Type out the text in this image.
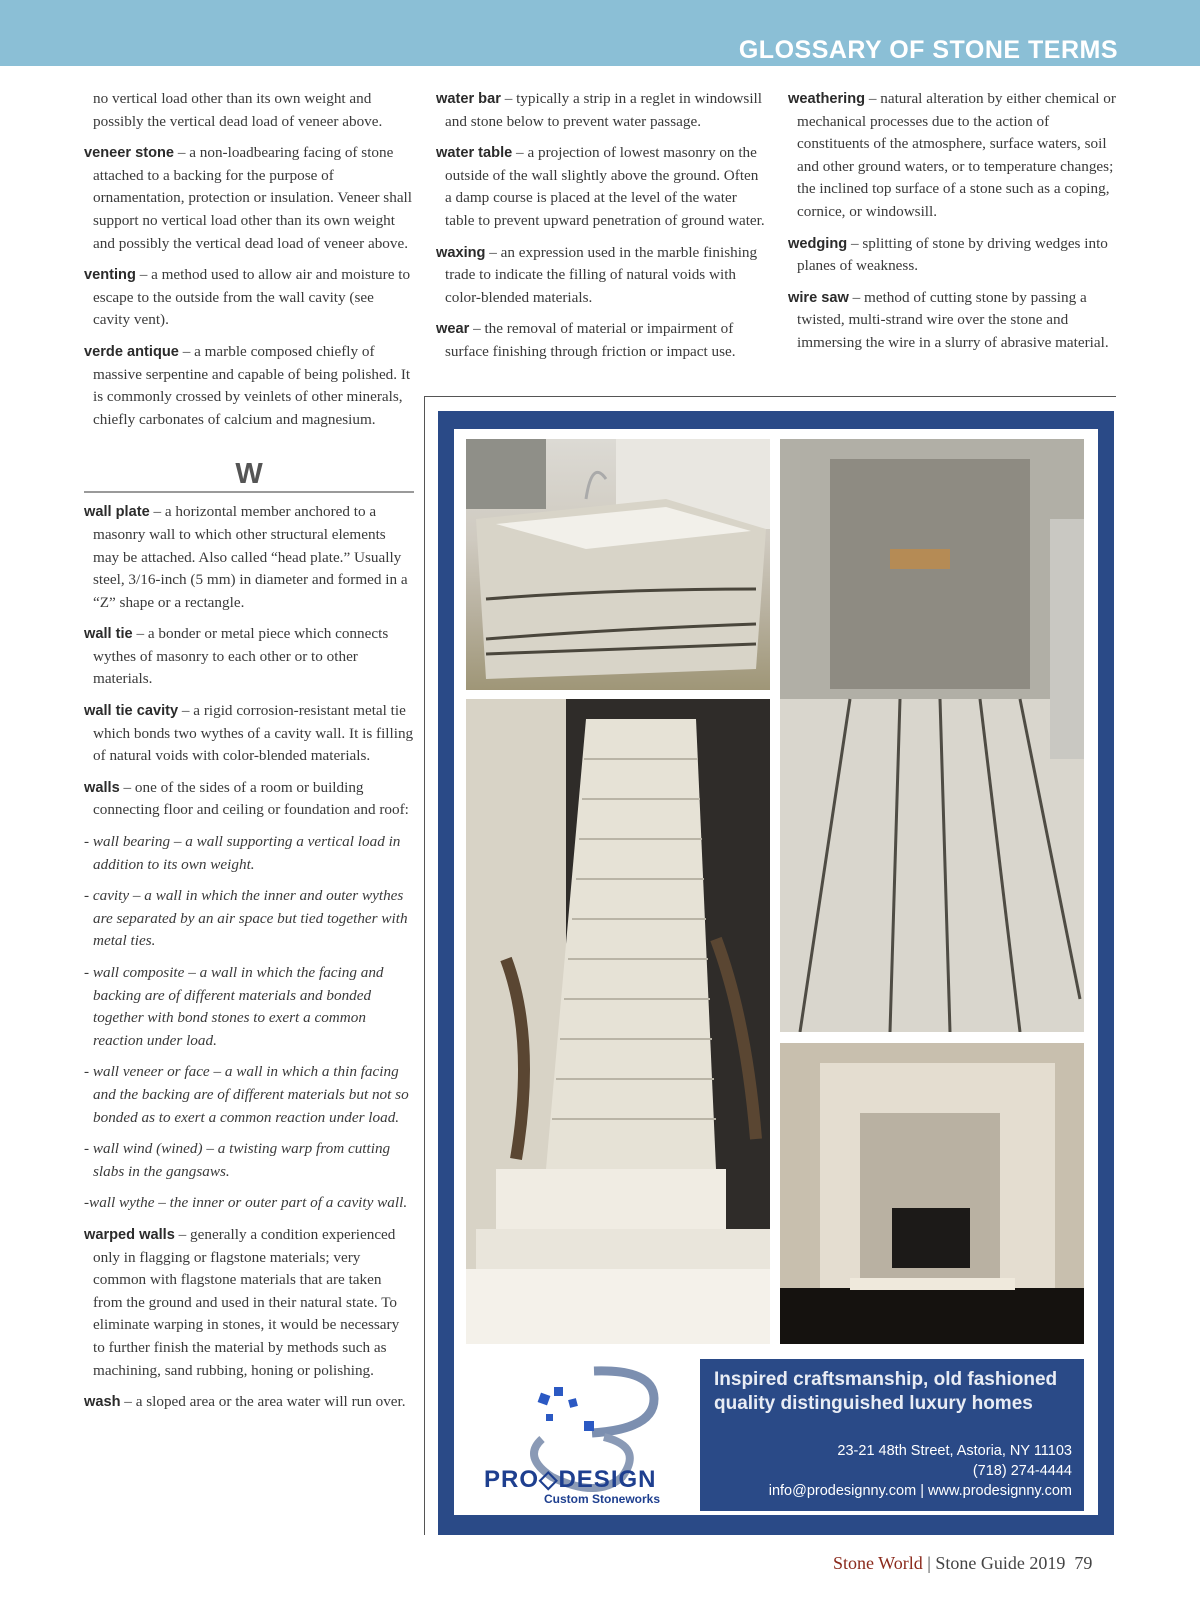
GLOSSARY OF STONE TERMS
no vertical load other than its own weight and possibly the vertical dead load of veneer above.
veneer stone – a non-loadbearing facing of stone attached to a backing for the purpose of ornamentation, protection or insulation. Veneer shall support no vertical load other than its own weight and possibly the vertical dead load of veneer above.
venting – a method used to allow air and moisture to escape to the outside from the wall cavity (see cavity vent).
verde antique – a marble composed chiefly of massive serpentine and capable of being polished. It is commonly crossed by veinlets of other minerals, chiefly carbonates of calcium and magnesium.
W
wall plate – a horizontal member anchored to a masonry wall to which other structural elements may be attached. Also called “head plate.” Usually steel, 3/16-inch (5 mm) in diameter and formed in a “Z” shape or a rectangle.
wall tie – a bonder or metal piece which connects wythes of masonry to each other or to other materials.
wall tie cavity – a rigid corrosion-resistant metal tie which bonds two wythes of a cavity wall. It is filling of natural voids with color-blended materials.
walls – one of the sides of a room or building connecting floor and ceiling or foundation and roof:
- wall bearing – a wall supporting a vertical load in addition to its own weight.
- cavity – a wall in which the inner and outer wythes are separated by an air space but tied together with metal ties.
- wall composite – a wall in which the facing and backing are of different materials and bonded together with bond stones to exert a common reaction under load.
- wall veneer or face – a wall in which a thin facing and the backing are of different materials but not so bonded as to exert a common reaction under load.
- wall wind (wined) – a twisting warp from cutting slabs in the gangsaws.
-wall wythe – the inner or outer part of a cavity wall.
warped walls – generally a condition experienced only in flagging or flagstone materials; very common with flagstone materials that are taken from the ground and used in their natural state. To eliminate warping in stones, it would be necessary to further finish the material by methods such as machining, sand rubbing, honing or polishing.
wash – a sloped area or the area water will run over.
water bar – typically a strip in a reglet in windowsill and stone below to prevent water passage.
water table – a projection of lowest masonry on the outside of the wall slightly above the ground. Often a damp course is placed at the level of the water table to prevent upward penetration of ground water.
waxing – an expression used in the marble finishing trade to indicate the filling of natural voids with color-blended materials.
wear – the removal of material or impairment of surface finishing through friction or impact use.
weathering – natural alteration by either chemical or mechanical processes due to the action of constituents of the atmosphere, surface waters, soil and other ground waters, or to temperature changes; the inclined top surface of a stone such as a coping, cornice, or windowsill.
wedging – splitting of stone by driving wedges into planes of weakness.
wire saw – method of cutting stone by passing a twisted, multi-strand wire over the stone and immersing the wire in a slurry of abrasive material.
PRO◇DESIGN
Custom Stoneworks
Inspired craftsmanship, old fashioned
quality distinguished luxury homes
23-21 48th Street, Astoria, NY 11103
(718) 274-4444
info@prodesignny.com | www.prodesignny.com
Stone World | Stone Guide 2019 79
